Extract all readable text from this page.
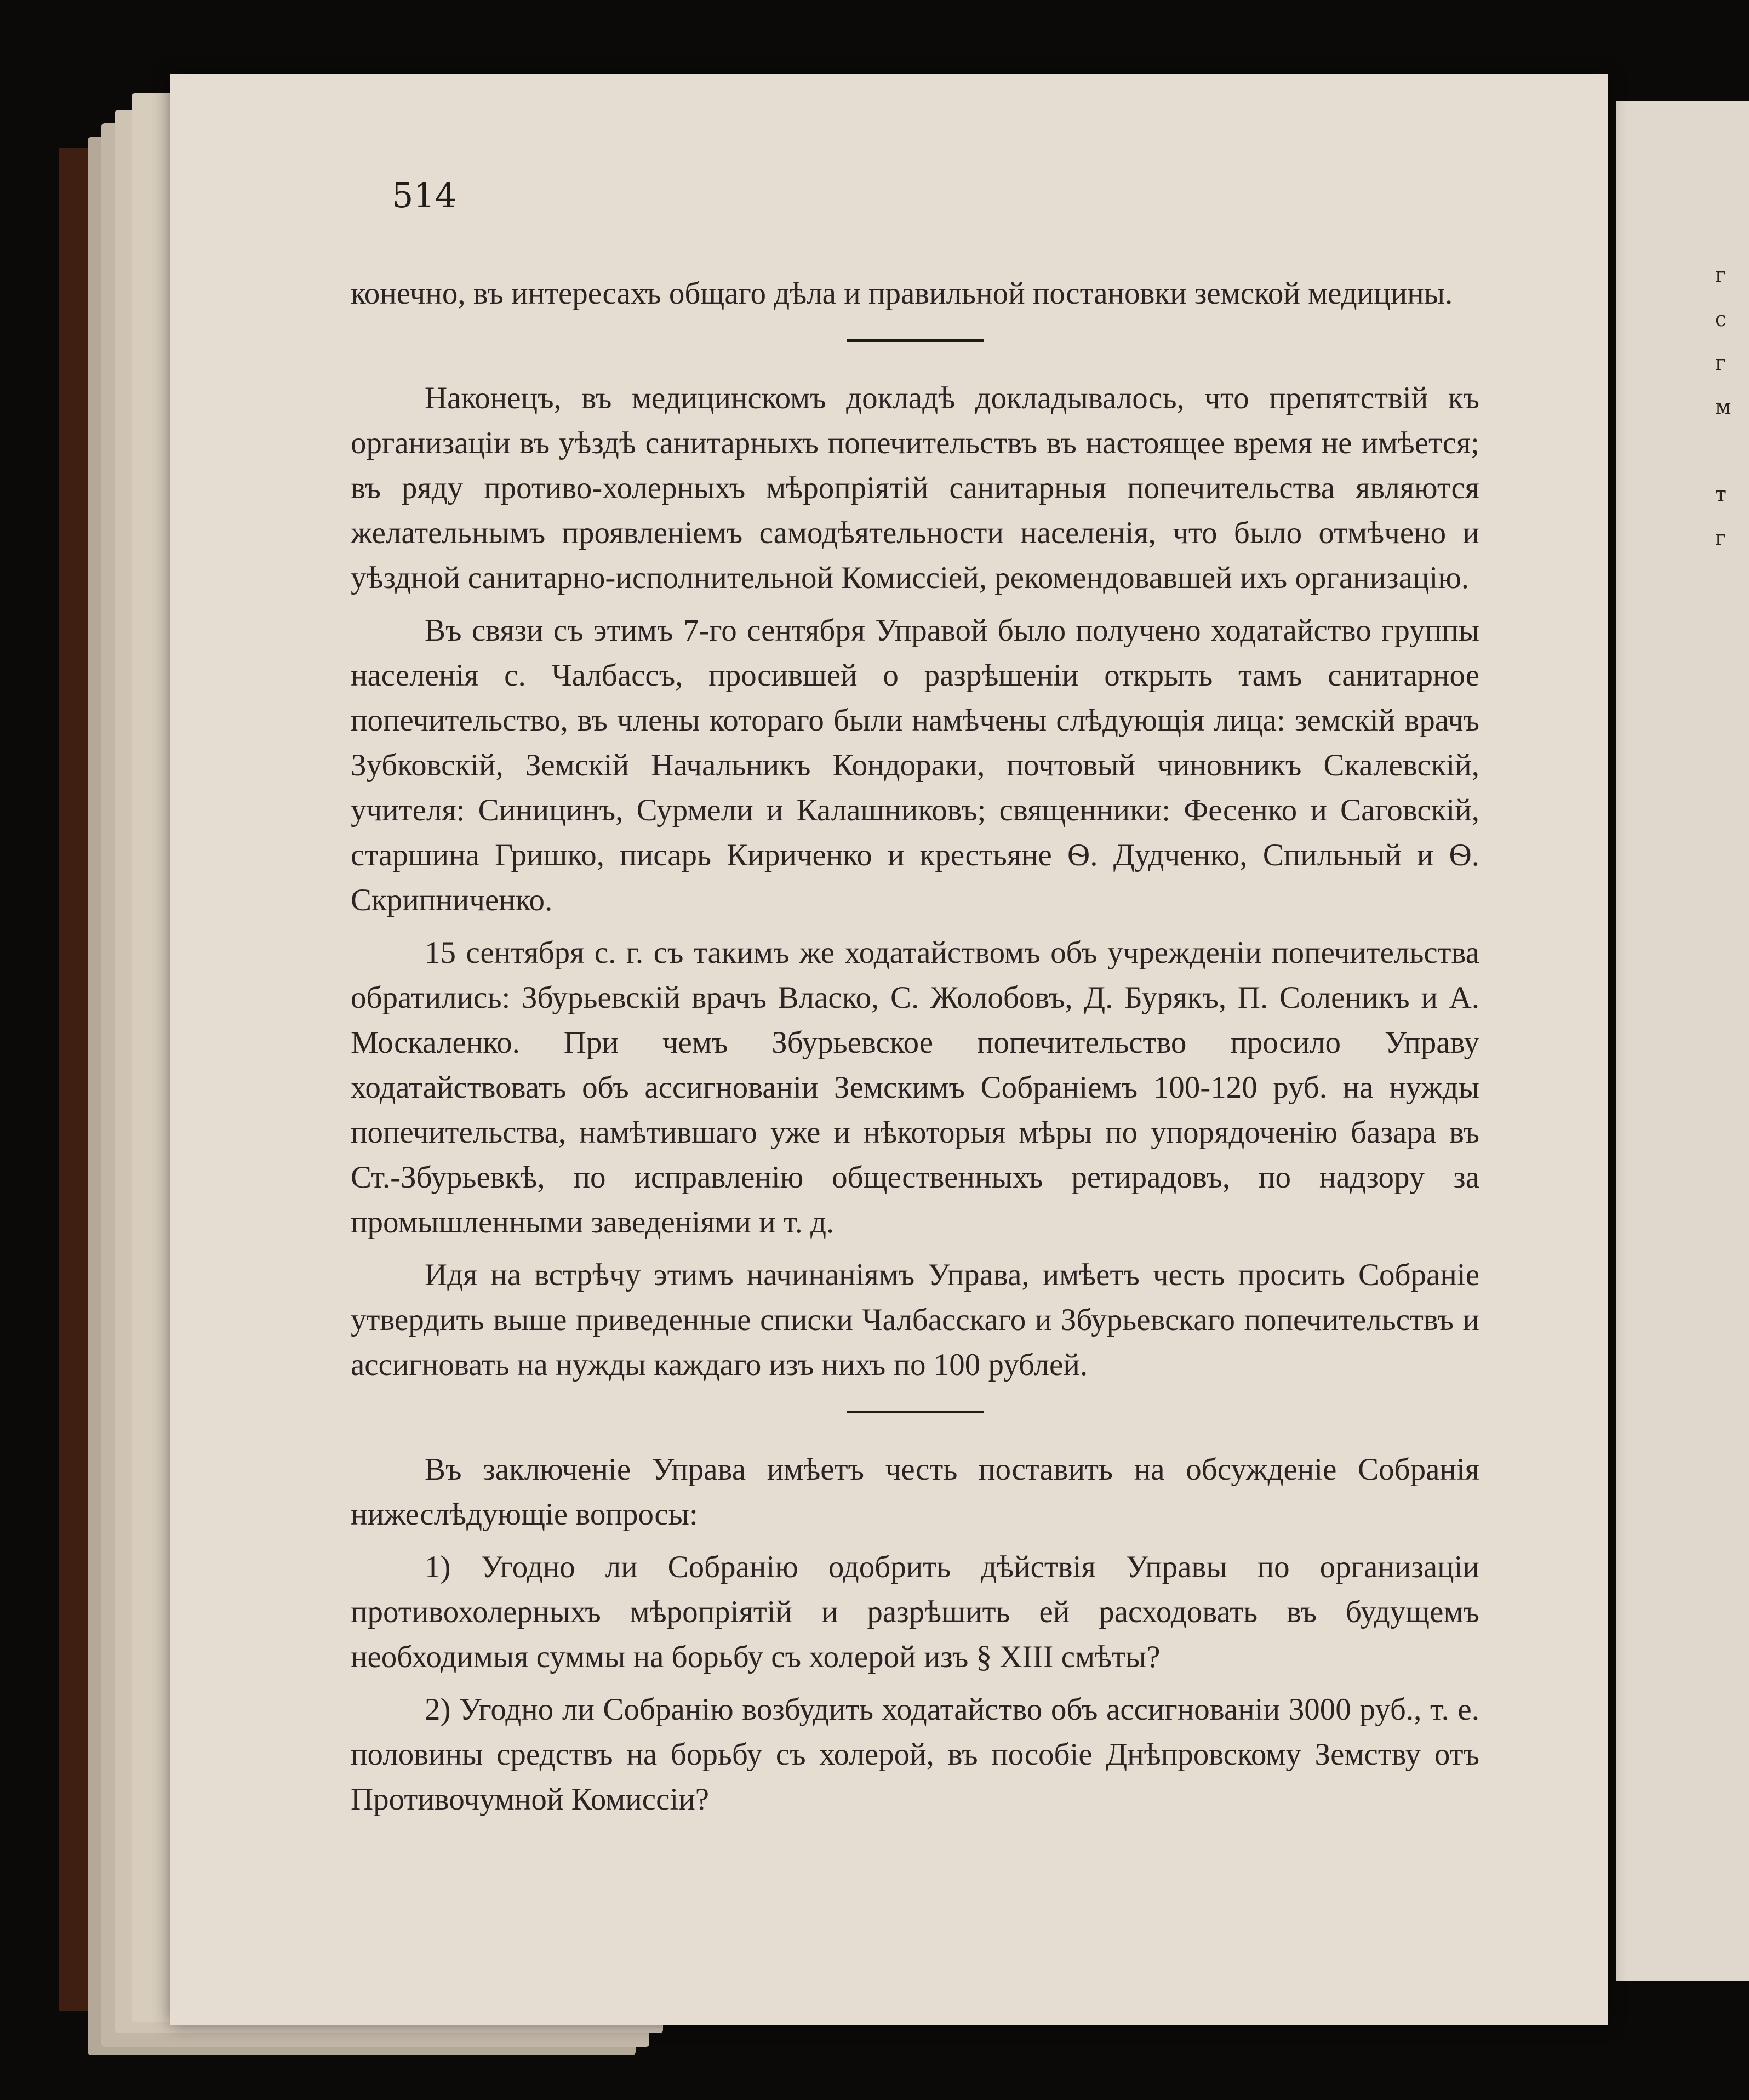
г
с
г
м
т
г
514

конечно, въ интересахъ общаго дѣла и правильной постановки земской медицины.

Наконецъ, въ медицинскомъ докладѣ докладывалось, что препятствій къ организаціи въ уѣздѣ санитарныхъ попечительствъ въ настоящее время не имѣется; въ ряду противо-холерныхъ мѣропріятій санитарныя попечительства являются желательнымъ проявленіемъ самодѣятельности населенія, что было отмѣчено и уѣздной санитарно-исполнительной Комиссіей, рекомендовавшей ихъ организацію.

Въ связи съ этимъ 7-го сентября Управой было получено ходатайство группы населенія с. Чалбассъ, просившей о разрѣшеніи открыть тамъ санитарное попечительство, въ члены котораго были намѣчены слѣдующія лица: земскій врачъ Зубковскій, Земскій Начальникъ Кондораки, почтовый чиновникъ Скалевскій, учителя: Синицинъ, Сурмели и Калашниковъ; священники: Фесенко и Саговскій, старшина Гришко, писарь Кириченко и крестьяне Ѳ. Дудченко, Спильный и Ѳ. Скрипниченко.

15 сентября с. г. съ такимъ же ходатайствомъ объ учрежденіи попечительства обратились: Збурьевскій врачъ Власко, С. Жолобовъ, Д. Бурякъ, П. Соленикъ и А. Москаленко. При чемъ Збурьевское попечительство просило Управу ходатайствовать объ ассигнованіи Земскимъ Собраніемъ 100-120 руб. на нужды попечительства, намѣтившаго уже и нѣкоторыя мѣры по упорядоченію базара въ Ст.-Збурьевкѣ, по исправленію общественныхъ ретирадовъ, по надзору за промышленными заведеніями и т. д.

Идя на встрѣчу этимъ начинаніямъ Управа, имѣетъ честь просить Собраніе утвердить выше приведенные списки Чалбасскаго и Збурьевскаго попечительствъ и ассигновать на нужды каждаго изъ нихъ по 100 рублей.

Въ заключеніе Управа имѣетъ честь поставить на обсужденіе Собранія нижеслѣдующіе вопросы:

1) Угодно ли Собранію одобрить дѣйствія Управы по организаціи противохолерныхъ мѣропріятій и разрѣшить ей расходовать въ будущемъ необходимыя суммы на борьбу съ холерой изъ § XIII смѣты?

2) Угодно ли Собранію возбудить ходатайство объ ассигнованіи 3000 руб., т. е. половины средствъ на борьбу съ холерой, въ пособіе Днѣпровскому Земству отъ Противочумной Комиссіи?
